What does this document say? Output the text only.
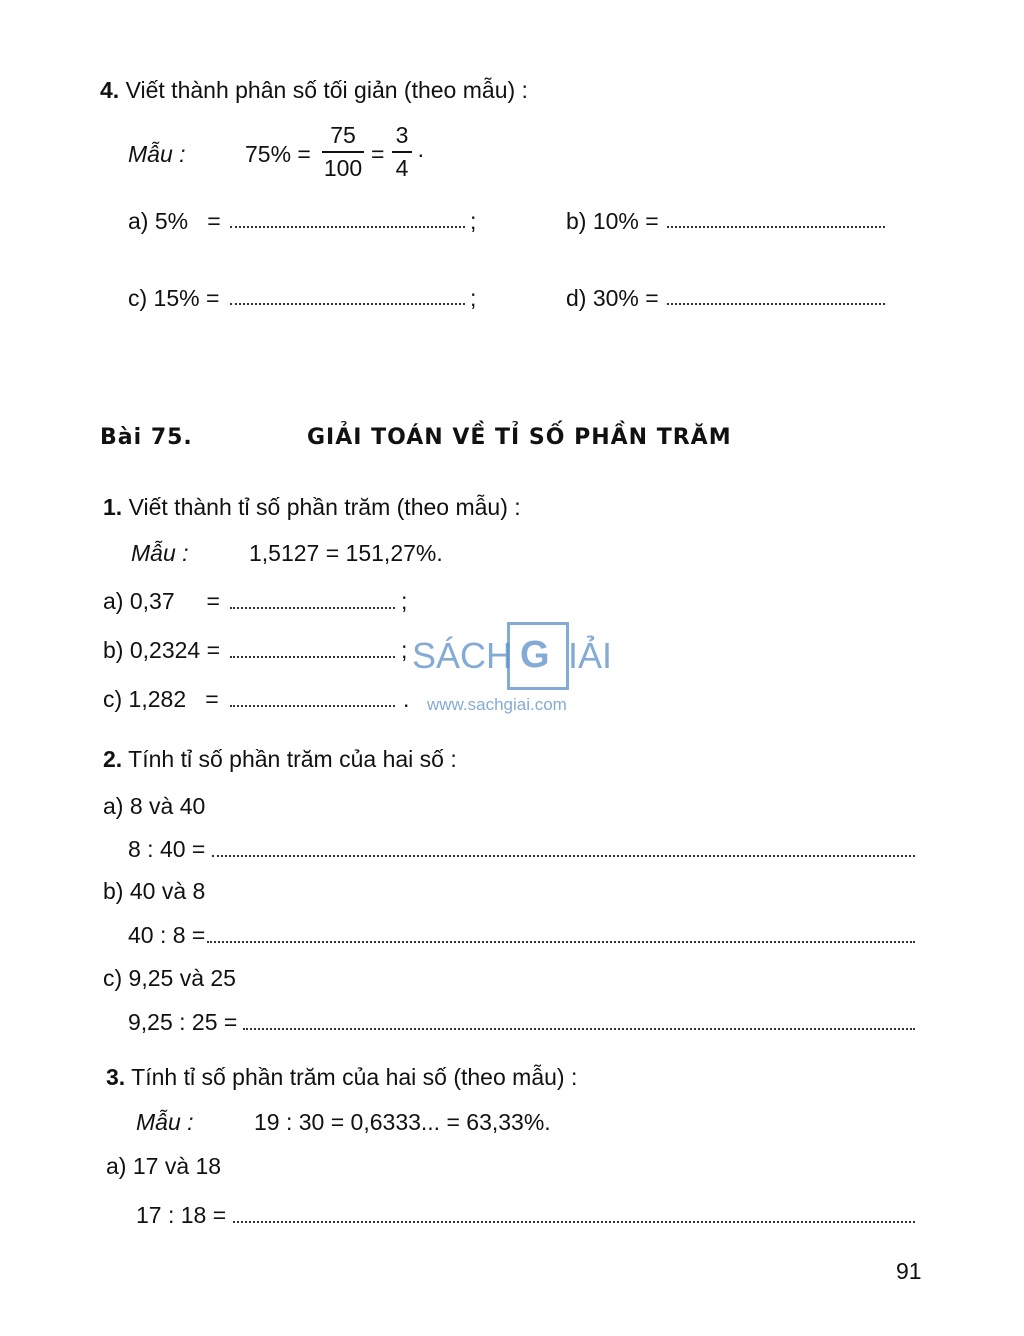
4. Viết thành phân số tối giản (theo mẫu) :
Mẫu :	75% =
75
100
=
3
4
·
a) 5%   =	;	b) 10% =
c) 15% =	;	d) 30% =
Bài 75.	GIẢI TOÁN VỀ TỈ SỐ PHẦN TRĂM
1. Viết thành tỉ số phần trăm (theo mẫu) :
Mẫu :	1,5127 = 151,27%.
a) 0,37     =	;
b) 0,2324 =	;
c) 1,282   =	.
SÁCH G IẢI
www.sachgiai.com
2. Tính tỉ số phần trăm của hai số :
a) 8 và 40
8 : 40 =
b) 40 và 8
40 : 8 =
c) 9,25 và 25
9,25 : 25 =
3. Tính tỉ số phần trăm của hai số (theo mẫu) :
Mẫu :	19 : 30 = 0,6333... = 63,33%.
a) 17 và 18
17 : 18 =
91
